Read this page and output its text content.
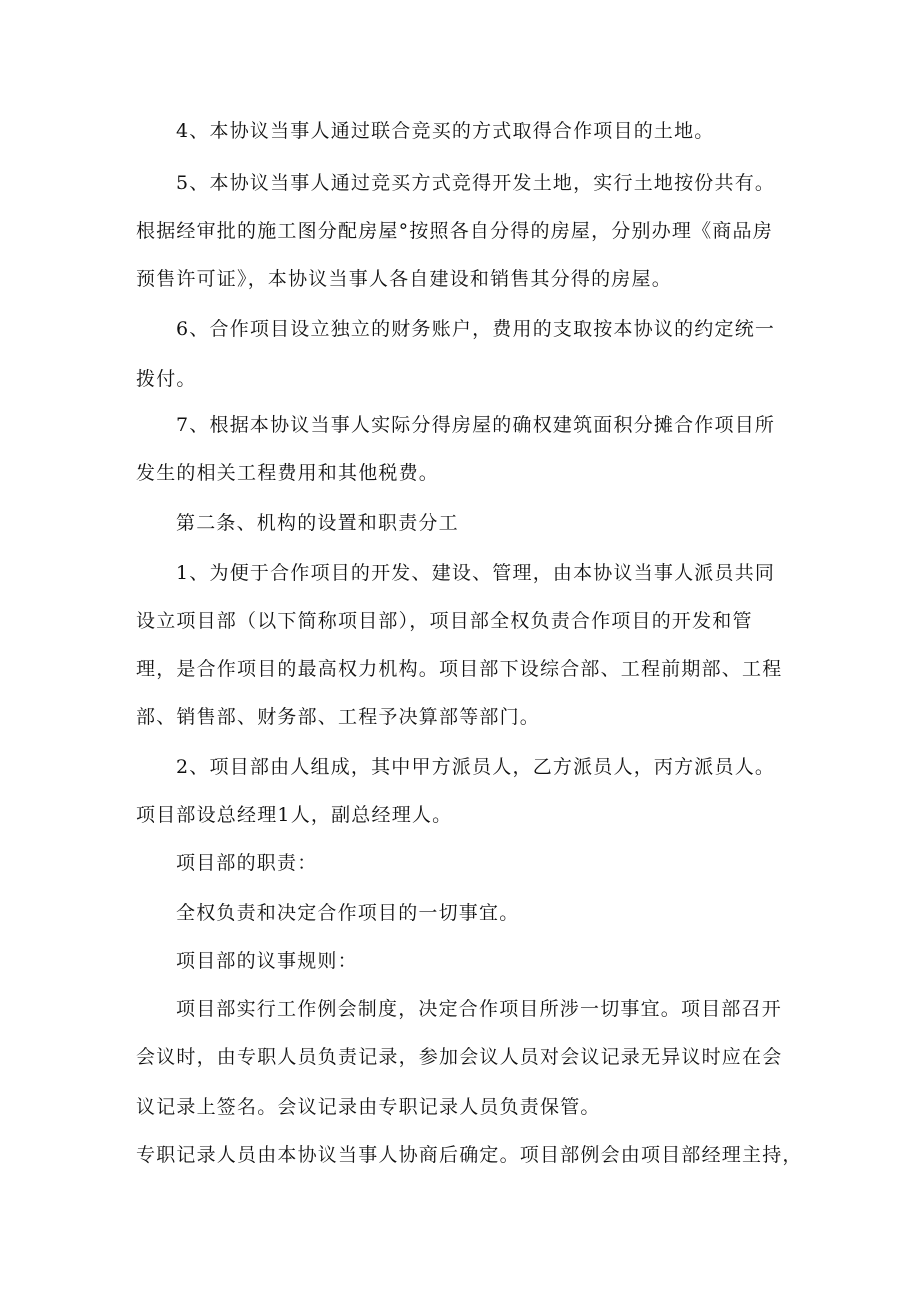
4、本协议当事人通过联合竞买的方式取得合作项目的土地。
5、本协议当事人通过竞买方式竞得开发土地，实行土地按份共有。
根据经审批的施工图分配房屋°按照各自分得的房屋，分别办理《商品房
预售许可证》，本协议当事人各自建设和销售其分得的房屋。
6、合作项目设立独立的财务账户，费用的支取按本协议的约定统一
拨付。
7、根据本协议当事人实际分得房屋的确权建筑面积分摊合作项目所
发生的相关工程费用和其他税费。
第二条、机构的设置和职责分工
1、为便于合作项目的开发、建设、管理，由本协议当事人派员共同
设立项目部（以下简称项目部），项目部全权负责合作项目的开发和管
理，是合作项目的最高权力机构。项目部下设综合部、工程前期部、工程
部、销售部、财务部、工程予决算部等部门。
2、项目部由人组成，其中甲方派员人，乙方派员人，丙方派员人。
项目部设总经理1人，副总经理人。
项目部的职责：
全权负责和决定合作项目的一切事宜。
项目部的议事规则：
项目部实行工作例会制度，决定合作项目所涉一切事宜。项目部召开
会议时，由专职人员负责记录，参加会议人员对会议记录无异议时应在会
议记录上签名。会议记录由专职记录人员负责保管。
专职记录人员由本协议当事人协商后确定。项目部例会由项目部经理主持，
